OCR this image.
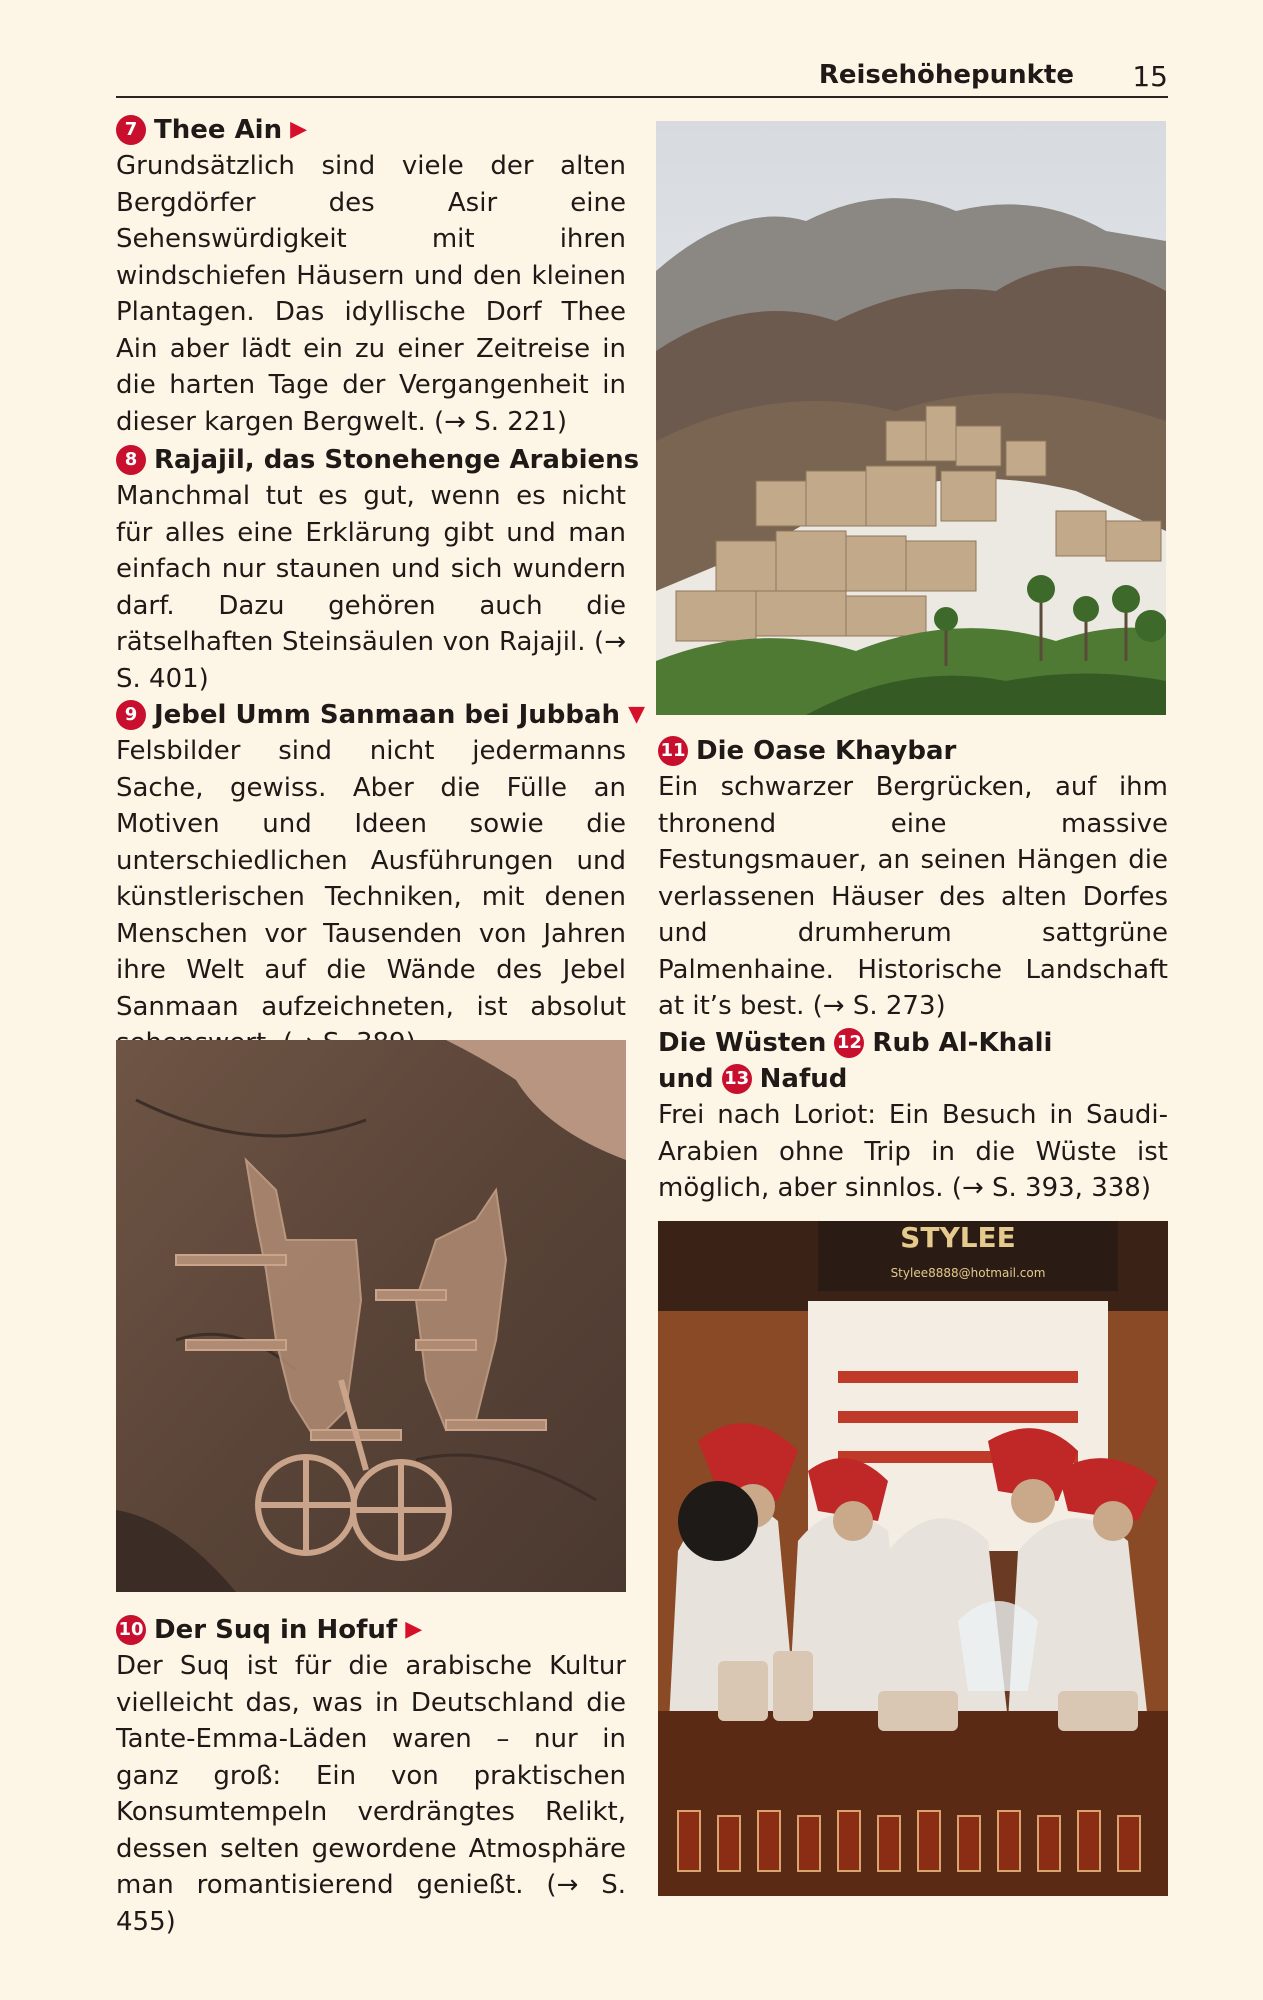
Reisehöhepunkte 15
7 Thee Ain ▶
Grundsätzlich sind viele der alten Bergdörfer des Asir eine Sehenswürdigkeit mit ihren windschiefen Häusern und den kleinen Plantagen. Das idyllische Dorf Thee Ain aber lädt ein zu einer Zeitreise in die harten Tage der Vergangenheit in dieser kargen Bergwelt. (→ S. 221)
8 Rajajil, das Stonehenge Arabiens
Manchmal tut es gut, wenn es nicht für alles eine Erklärung gibt und man einfach nur staunen und sich wundern darf. Dazu gehören auch die rätselhaften Steinsäulen von Rajajil. (→ S. 401)
9 Jebel Umm Sanmaan bei Jubbah ▼
Felsbilder sind nicht jedermanns Sache, gewiss. Aber die Fülle an Motiven und Ideen sowie die unterschiedlichen Ausführungen und künstlerischen Techniken, mit denen Menschen vor Tausenden von Jahren ihre Welt auf die Wände des Jebel Sanmaan aufzeichneten, ist absolut
10 Der Suq in Hofuf ▶
Der Suq ist für die arabische Kultur vielleicht das, was in Deutschland die Tante-Emma-Läden waren – nur in ganz groß: Ein von praktischen Konsumtempeln verdrängtes Relikt, dessen selten gewordene Atmosphäre man romantisierend genießt. (→ S. 455)
11 Die Oase Khaybar
Ein schwarzer Bergrücken, auf ihm thronend eine massive Festungsmauer, an seinen Hängen die verlassenen Häuser des alten Dorfes und drumherum sattgrüne Palmenhaine. Historische Landschaft at it’s best. (→ S. 273)
Die Wüsten 12 Rub Al-Khali
und 13 Nafud
Frei nach Loriot: Ein Besuch in Saudi-Arabien ohne Trip in die Wüste ist möglich, aber sinnlos. (→ S. 393, 338)
STYLEE
Stylee8888@hotmail.com
